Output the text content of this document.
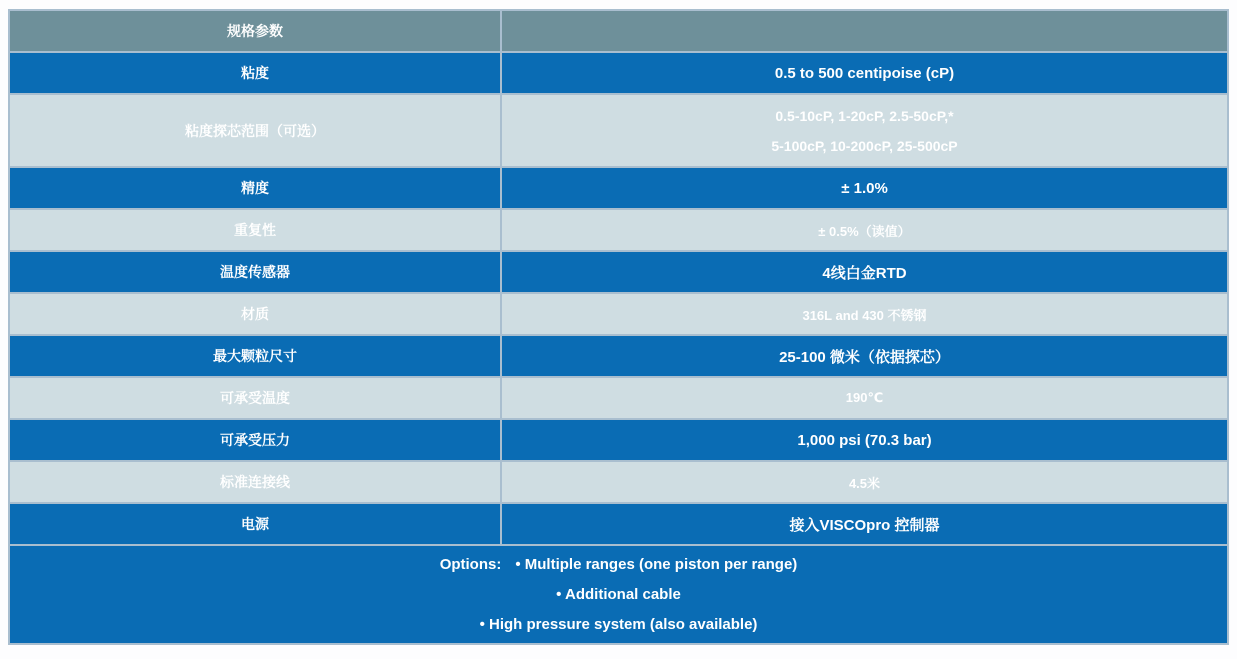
规格参数	
粘度	0.5 to 500 centipoise (cP)
粘度探芯范围（可选）	0.5-10cP, 1-20cP, 2.5-50cP,*
5-100cP, 10-200cP, 25-500cP

精度	± 1.0%
重复性	± 0.5%（读值）
温度传感器	4线白金RTD
材质	316L and 430 不锈钢
最大颗粒尺寸	25-100 微米（依据探芯）
可承受温度	190℃
可承受压力	1,000 psi (70.3 bar)
标准连接线	4.5米
电源	接入VISCOpro 控制器

Options: • Multiple ranges (one piston per range)
• Additional cable
• High pressure system (also available)	
